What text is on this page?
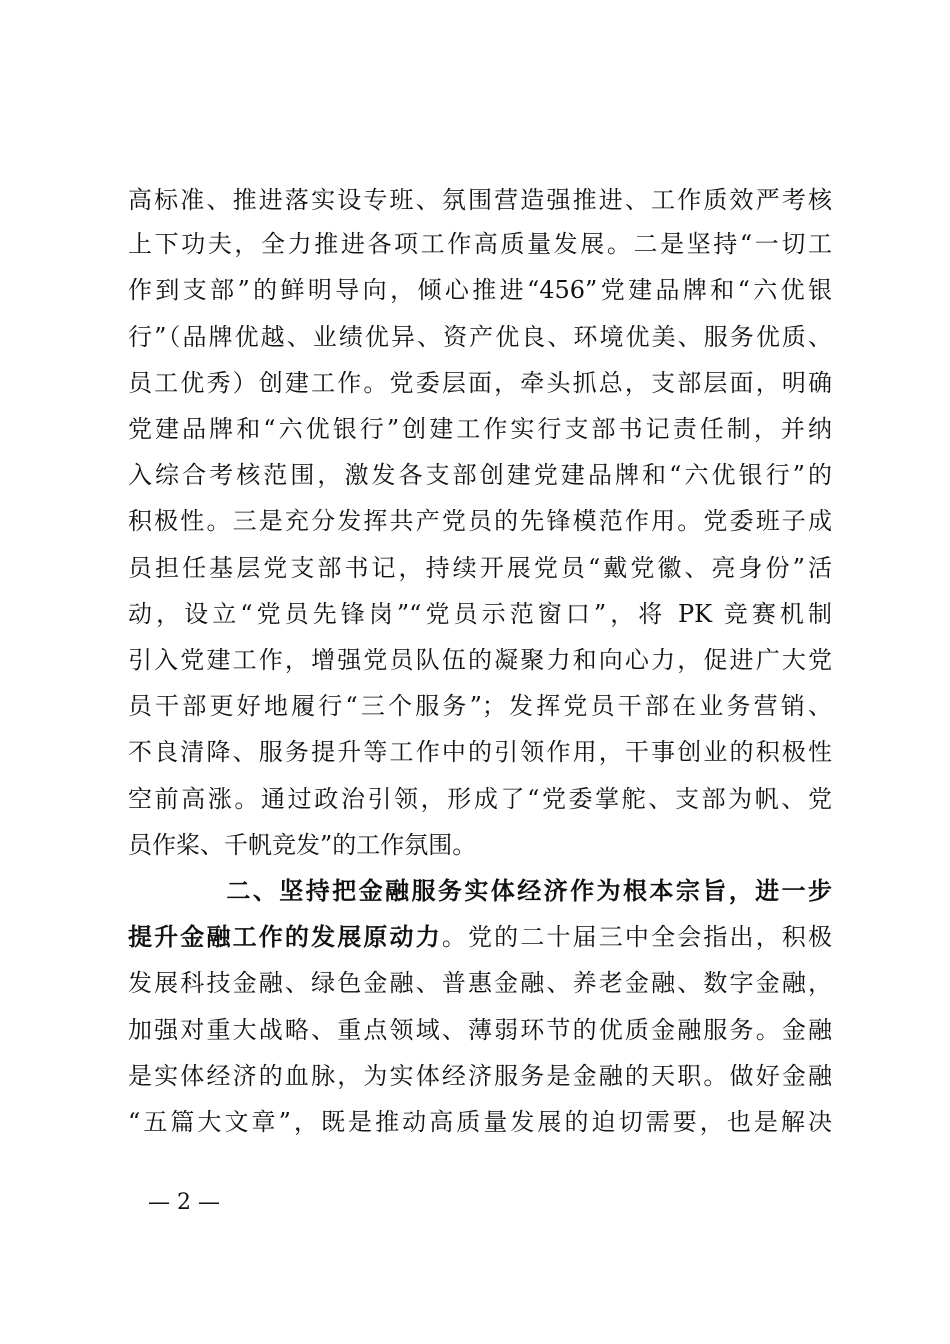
高标准、推进落实设专班、氛围营造强推进、工作质效严考核
上下功夫，全力推进各项工作高质量发展。二是坚持“一切工
作到支部”的鲜明导向，倾心推进“456”党建品牌和“六优银
行”（品牌优越、业绩优异、资产优良、环境优美、服务优质、
员工优秀）创建工作。党委层面，牵头抓总，支部层面，明确
党建品牌和“六优银行”创建工作实行支部书记责任制，并纳
入综合考核范围，激发各支部创建党建品牌和“六优银行”的
积极性。三是充分发挥共产党员的先锋模范作用。党委班子成
员担任基层党支部书记，持续开展党员“戴党徽、亮身份”活
动，设立“党员先锋岗”“党员示范窗口”，将 PK 竞赛机制
引入党建工作，增强党员队伍的凝聚力和向心力，促进广大党
员干部更好地履行“三个服务”；发挥党员干部在业务营销、
不良清降、服务提升等工作中的引领作用，干事创业的积极性
空前高涨。通过政治引领，形成了“党委掌舵、支部为帆、党
员作桨、千帆竞发”的工作氛围。
二、坚持把金融服务实体经济作为根本宗旨，进一步
提升金融工作的发展原动力。党的二十届三中全会指出，积极
发展科技金融、绿色金融、普惠金融、养老金融、数字金融，
加强对重大战略、重点领域、薄弱环节的优质金融服务。金融
是实体经济的血脉，为实体经济服务是金融的天职。做好金融
“五篇大文章”，既是推动高质量发展的迫切需要，也是解决
— 2 —
